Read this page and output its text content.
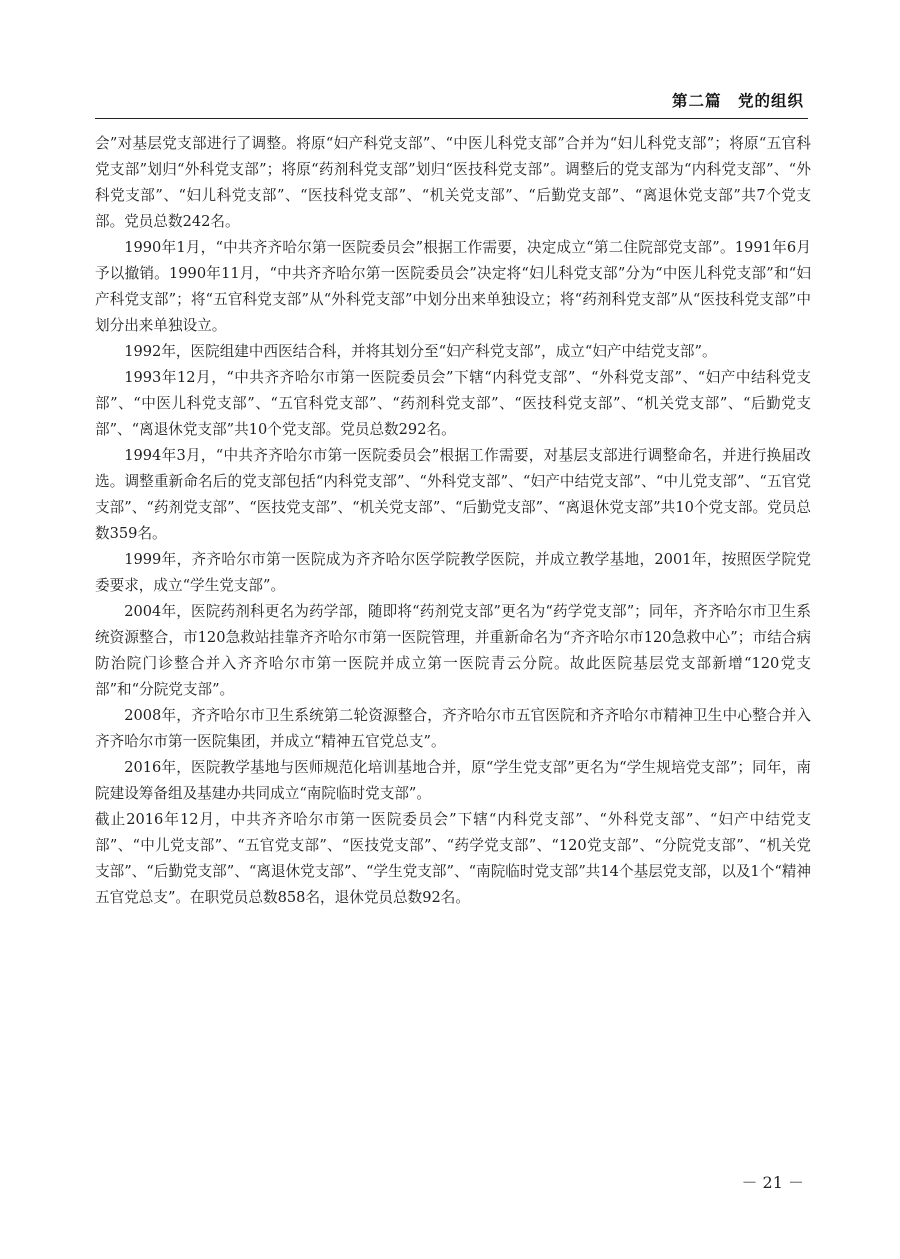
第二篇　党的组织

会”对基层党支部进行了调整。将原“妇产科党支部”、“中医儿科党支部”合并为“妇儿科党支部”；将原“五官科党支部”划归“外科党支部”；将原“药剂科党支部”划归“医技科党支部”。调整后的党支部为“内科党支部”、“外科党支部”、“妇儿科党支部”、“医技科党支部”、“机关党支部”、“后勤党支部”、“离退休党支部”共7个党支部。党员总数242名。

1990年1月，“中共齐齐哈尔第一医院委员会”根据工作需要，决定成立“第二住院部党支部”。1991年6月予以撤销。1990年11月，“中共齐齐哈尔第一医院委员会”决定将“妇儿科党支部”分为“中医儿科党支部”和“妇产科党支部”；将“五官科党支部”从“外科党支部”中划分出来单独设立；将“药剂科党支部”从“医技科党支部”中划分出来单独设立。

1992年，医院组建中西医结合科，并将其划分至“妇产科党支部”，成立“妇产中结党支部”。

1993年12月，“中共齐齐哈尔市第一医院委员会”下辖“内科党支部”、“外科党支部”、“妇产中结科党支部”、“中医儿科党支部”、“五官科党支部”、“药剂科党支部”、“医技科党支部”、“机关党支部”、“后勤党支部”、“离退休党支部”共10个党支部。党员总数292名。

1994年3月，“中共齐齐哈尔市第一医院委员会”根据工作需要，对基层支部进行调整命名，并进行换届改选。调整重新命名后的党支部包括“内科党支部”、“外科党支部”、“妇产中结党支部”、“中儿党支部”、“五官党支部”、“药剂党支部”、“医技党支部”、“机关党支部”、“后勤党支部”、“离退休党支部”共10个党支部。党员总数359名。

1999年，齐齐哈尔市第一医院成为齐齐哈尔医学院教学医院，并成立教学基地，2001年，按照医学院党委要求，成立“学生党支部”。

2004年，医院药剂科更名为药学部，随即将“药剂党支部”更名为“药学党支部”；同年，齐齐哈尔市卫生系统资源整合，市120急救站挂靠齐齐哈尔市第一医院管理，并重新命名为“齐齐哈尔市120急救中心”；市结合病防治院门诊整合并入齐齐哈尔市第一医院并成立第一医院青云分院。故此医院基层党支部新增“120党支部”和“分院党支部”。

2008年，齐齐哈尔市卫生系统第二轮资源整合，齐齐哈尔市五官医院和齐齐哈尔市精神卫生中心整合并入齐齐哈尔市第一医院集团，并成立“精神五官党总支”。

2016年，医院教学基地与医师规范化培训基地合并，原“学生党支部”更名为“学生规培党支部”；同年，南院建设筹备组及基建办共同成立“南院临时党支部”。

截止2016年12月，中共齐齐哈尔市第一医院委员会”下辖“内科党支部”、“外科党支部”、“妇产中结党支部”、“中儿党支部”、“五官党支部”、“医技党支部”、“药学党支部”、“120党支部”、“分院党支部”、“机关党支部”、“后勤党支部”、“离退休党支部”、“学生党支部”、“南院临时党支部”共14个基层党支部，以及1个“精神五官党总支”。在职党员总数858名，退休党员总数92名。

－ 21 －
